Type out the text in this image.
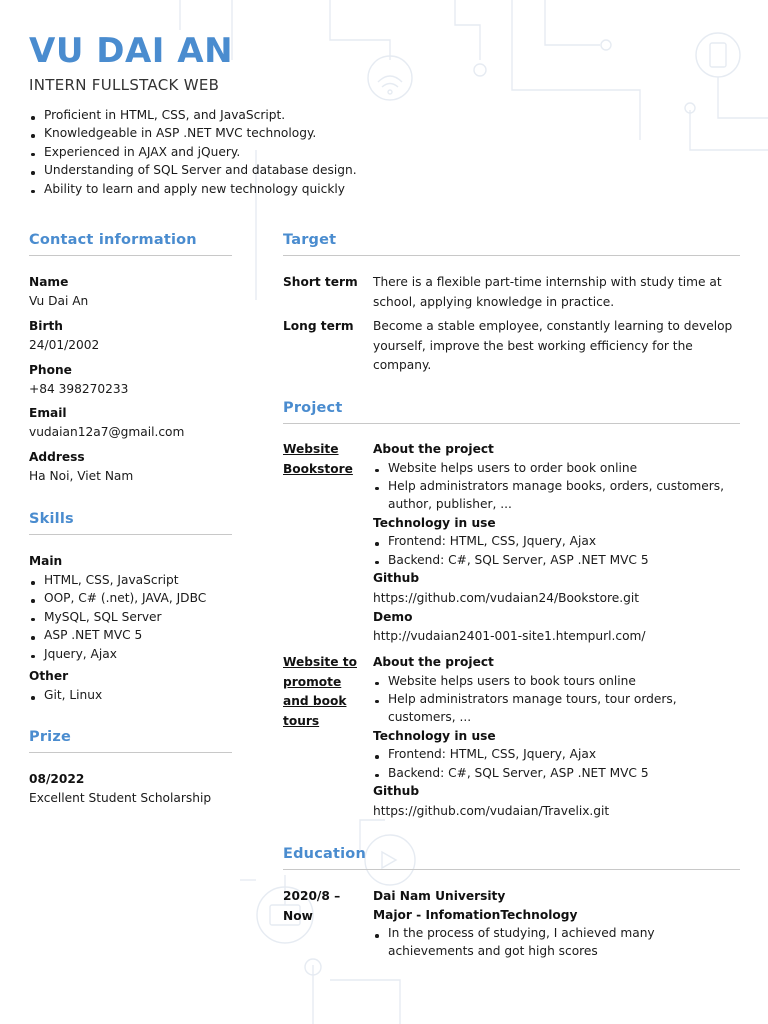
VU DAI AN
INTERN FULLSTACK WEB
Proficient in HTML, CSS, and JavaScript.
Knowledgeable in ASP .NET MVC technology.
Experienced in AJAX and jQuery.
Understanding of SQL Server and database design.
Ability to learn and apply new technology quickly
Contact information
Name
Vu Dai An
Birth
24/01/2002
Phone
+84 398270233
Email
vudaian12a7@gmail.com
Address
Ha Noi, Viet Nam
Skills
Main
HTML, CSS, JavaScript
OOP, C# (.net), JAVA, JDBC
MySQL, SQL Server
ASP .NET MVC 5
Jquery, Ajax
Other
Git, Linux
Prize
08/2022
Excellent Student Scholarship
Target
Short term	There is a flexible part-time internship with study time at school, applying knowledge in practice.
Long term	Become a stable employee, constantly learning to develop yourself, improve the best working efficiency for the company.
Project
Website Bookstore
About the project
Website helps users to order book online
Help administrators manage books, orders, customers, author, publisher, ...
Technology in use
Frontend: HTML, CSS, Jquery, Ajax
Backend: C#, SQL Server, ASP .NET MVC 5
Github
https://github.com/vudaian24/Bookstore.git
Demo
http://vudaian2401-001-site1.htempurl.com/
Website to promote and book tours
About the project
Website helps users to book tours online
Help administrators manage tours, tour orders, customers, ...
Technology in use
Frontend: HTML, CSS, Jquery, Ajax
Backend: C#, SQL Server, ASP .NET MVC 5
Github
https://github.com/vudaian/Travelix.git
Education
2020/8 – Now
Dai Nam University
Major - InfomationTechnology
In the process of studying, I achieved many achievements and got high scores
